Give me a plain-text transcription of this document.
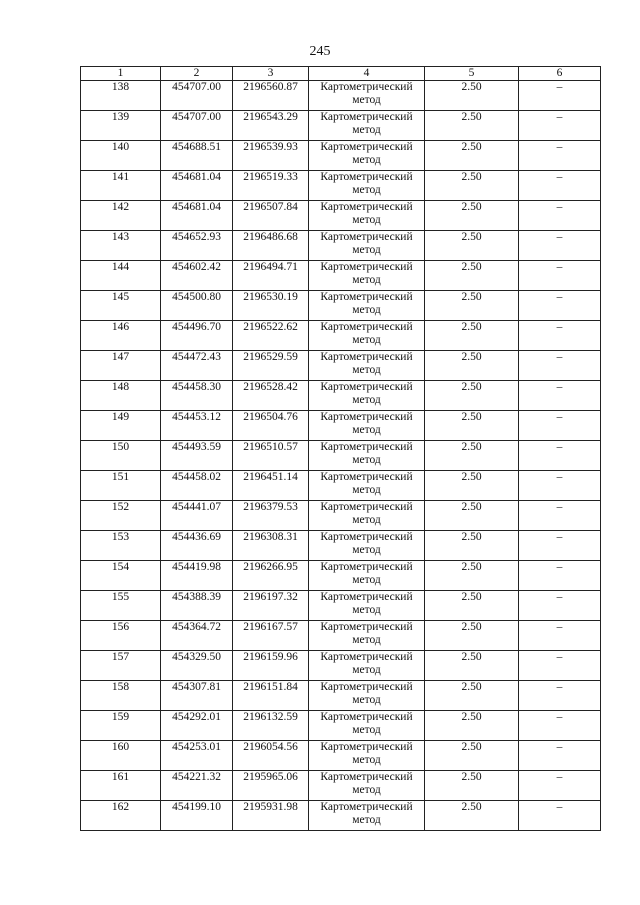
245
1	2	3	4	5	6
138	454707.00	2196560.87	Картометрический метод	2.50	–
139	454707.00	2196543.29	Картометрический метод	2.50	–
140	454688.51	2196539.93	Картометрический метод	2.50	–
141	454681.04	2196519.33	Картометрический метод	2.50	–
142	454681.04	2196507.84	Картометрический метод	2.50	–
143	454652.93	2196486.68	Картометрический метод	2.50	–
144	454602.42	2196494.71	Картометрический метод	2.50	–
145	454500.80	2196530.19	Картометрический метод	2.50	–
146	454496.70	2196522.62	Картометрический метод	2.50	–
147	454472.43	2196529.59	Картометрический метод	2.50	–
148	454458.30	2196528.42	Картометрический метод	2.50	–
149	454453.12	2196504.76	Картометрический метод	2.50	–
150	454493.59	2196510.57	Картометрический метод	2.50	–
151	454458.02	2196451.14	Картометрический метод	2.50	–
152	454441.07	2196379.53	Картометрический метод	2.50	–
153	454436.69	2196308.31	Картометрический метод	2.50	–
154	454419.98	2196266.95	Картометрический метод	2.50	–
155	454388.39	2196197.32	Картометрический метод	2.50	–
156	454364.72	2196167.57	Картометрический метод	2.50	–
157	454329.50	2196159.96	Картометрический метод	2.50	–
158	454307.81	2196151.84	Картометрический метод	2.50	–
159	454292.01	2196132.59	Картометрический метод	2.50	–
160	454253.01	2196054.56	Картометрический метод	2.50	–
161	454221.32	2195965.06	Картометрический метод	2.50	–
162	454199.10	2195931.98	Картометрический метод	2.50	–
